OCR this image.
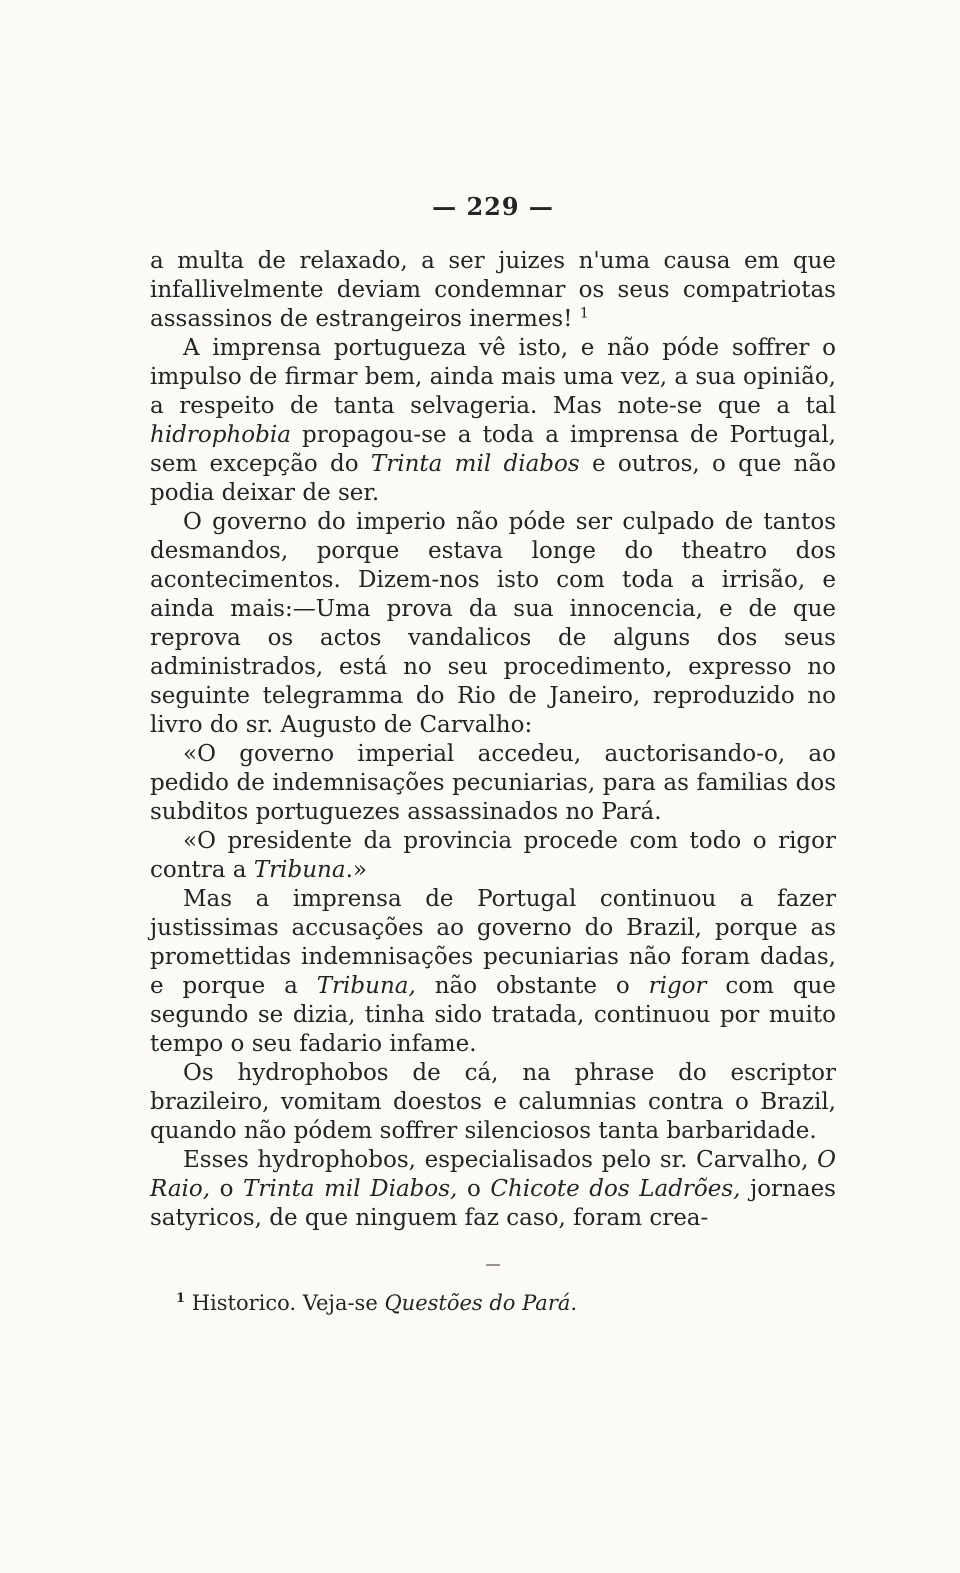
— 229 —

a multa de relaxado, a ser juizes n'uma causa em que infallivelmente deviam condemnar os seus compatriotas assassinos de estrangeiros inermes! $^1$

A imprensa portugueza vê isto, e não póde soffrer o impulso de firmar bem, ainda mais uma vez, a sua opinião, a respeito de tanta selvageria. Mas note-se que a tal hidrophobia propagou-se a toda a imprensa de Portugal, sem excepção do Trinta mil diabos e outros, o que não podia deixar de ser.

O governo do imperio não póde ser culpado de tantos desmandos, porque estava longe do theatro dos acontecimentos. Dizem-nos isto com toda a irrisão, e ainda mais:—Uma prova da sua innocencia, e de que reprova os actos vandalicos de alguns dos seus administrados, está no seu procedimento, expresso no seguinte telegramma do Rio de Janeiro, reproduzido no livro do sr. Augusto de Carvalho:

«O governo imperial accedeu, auctorisando-o, ao pedido de indemnisações pecuniarias, para as familias dos subditos portuguezes assassinados no Pará.

«O presidente da provincia procede com todo o rigor contra a Tribuna.»

Mas a imprensa de Portugal continuou a fazer justissimas accusações ao governo do Brazil, porque as promettidas indemnisações pecuniarias não foram dadas, e porque a Tribuna, não obstante o rigor com que segundo se dizia, tinha sido tratada, continuou por muito tempo o seu fadario infame.

Os hydrophobos de cá, na phrase do escriptor brazileiro, vomitam doestos e calumnias contra o Brazil, quando não pódem soffrer silenciosos tanta barbaridade.

Esses hydrophobos, especialisados pelo sr. Carvalho, O Raio, o Trinta mil Diabos, o Chicote dos Ladrões, jornaes satyricos, de que ninguem faz caso, foram crea-

$^1$ Historico. Veja-se Questões do Pará.
